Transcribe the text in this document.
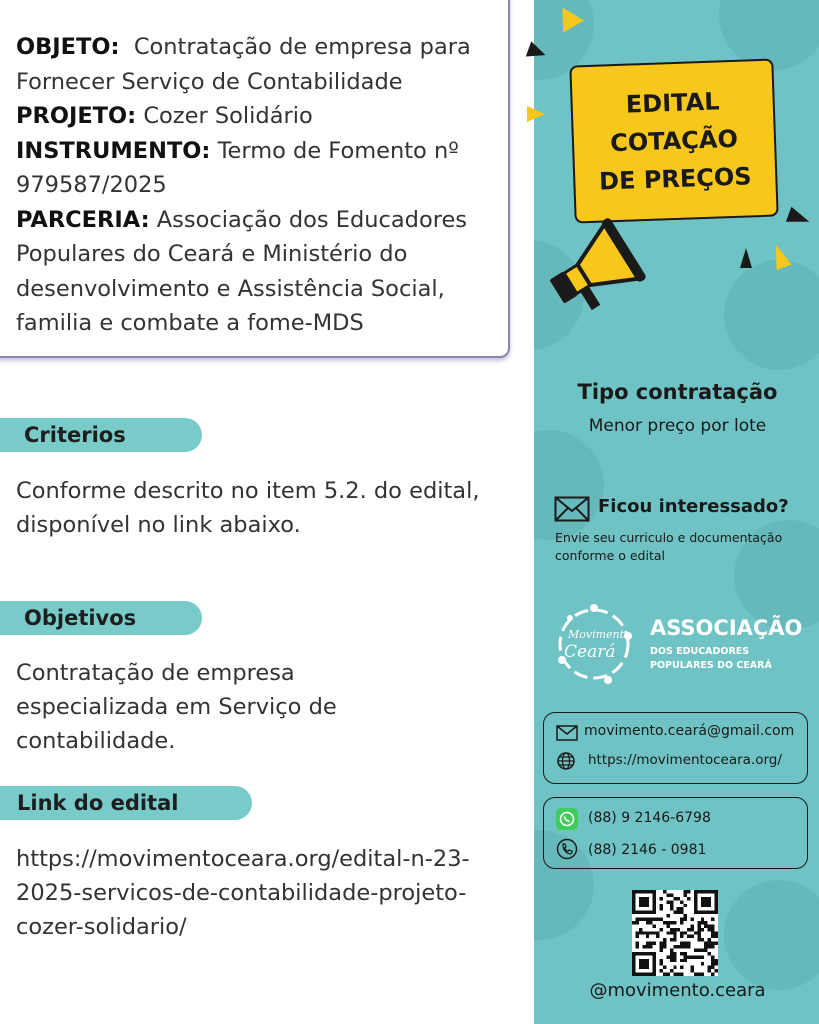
OBJETO: Contratação de empresa para Fornecer Serviço de Contabilidade
PROJETO: Cozer Solidário
INSTRUMENTO: Termo de Fomento nº 979587/2025
PARCERIA: Associação dos Educadores Populares do Ceará e Ministério do desenvolvimento e Assistência Social, familia e combate a fome-MDS
Criterios
Conforme descrito no item 5.2. do edital, disponível no link abaixo.
Objetivos
Contratação de empresa especializada em Serviço de contabilidade.
Link do edital
https://movimentoceara.org/edital-n-23-2025-servicos-de-contabilidade-projeto-cozer-solidario/
EDITAL
COTAÇÃO
DE PREÇOS
Tipo contratação
Menor preço por lote
Ficou interessado?
Envie seu curriculo e documentação
conforme o edital
Movimento
Ceará
ASSOCIAÇÃO
DOS EDUCADORES
POPULARES DO CEARÁ
movimento.ceará@gmail.com
https://movimentoceara.org/
(88) 9 2146-6798
(88) 2146 - 0981
@movimento.ceara
